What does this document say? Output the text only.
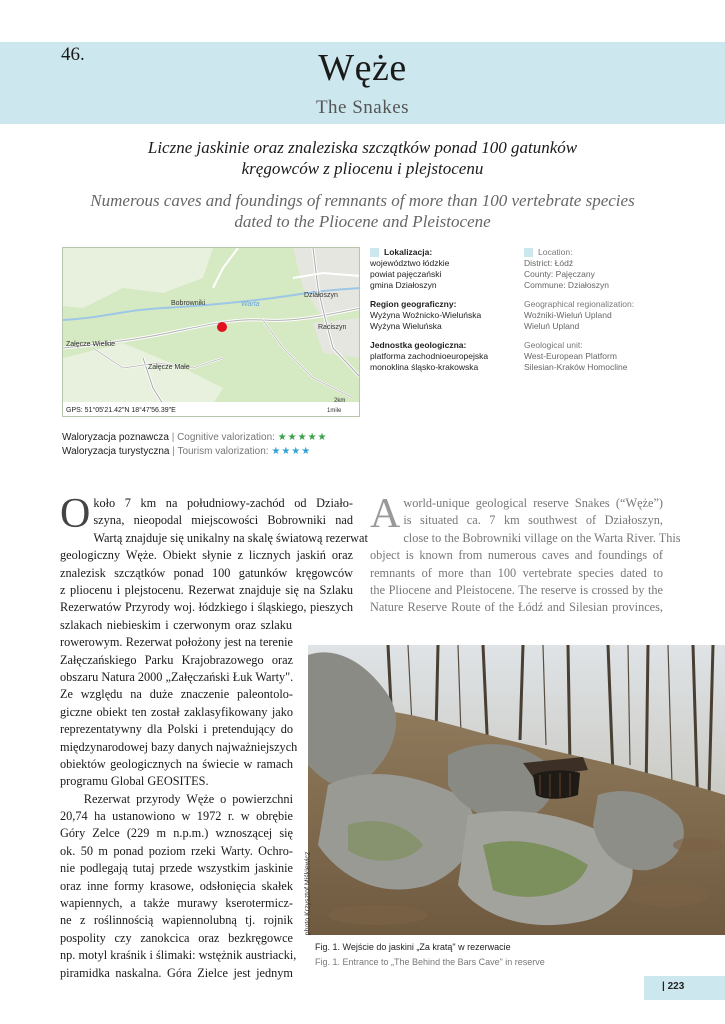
46.	Węże
The Snakes
Liczne jaskinie oraz znaleziska szczątków ponad 100 gatunków
kręgowców z pliocenu i plejstocenu
Numerous caves and foundings of remnants of more than 100 vertebrate species
dated to the Pliocene and Pleistocene
Bobrowniki	Warta
Działoszyn
Raciszyn
Załęcze Wielkie
Załęcze Małe
GPS: 51°05'21.42"N 18°47'56.39"E
2km
1mile
Lokalizacja:
województwo łódzkie
powiat pajęczański
gmina Działoszyn
Region geograficzny:
Wyżyna Woźnicko-Wieluńska
Wyżyna Wieluńska
Jednostka geologiczna:
platforma zachodnioeuropejska
monoklina śląsko-krakowska
Location:
District: Łódź
County: Pajęczany
Commune: Działoszyn
Geographical regionalization:
Woźniki-Wieluń Upland
Wieluń Upland
Geological unit:
West-European Platform
Silesian-Kraków Homocline
Waloryzacja poznawcza | Cognitive valorization: ★★★★★
Waloryzacja turystyczna | Tourism valorization: ★★★★
O koło 7 km na południowy-zachód od Działo-
szyna, nieopodal miejscowości Bobrowniki nad
Wartą znajduje się unikalny na skalę światową rezerwat
geologiczny Węże. Obiekt słynie z licznych jaskiń oraz
znalezisk szczątków ponad 100 gatunków kręgowców
z pliocenu i plejstocenu. Rezerwat znajduje się na Szlaku
Rezerwatów Przyrody woj. łódzkiego i śląskiego, pieszych
szlakach niebieskim i czerwonym oraz szlaku
rowerowym. Rezerwat położony jest na terenie
Załęczańskiego Parku Krajobrazowego oraz
obszaru Natura 2000 „Załęczański Łuk Warty".
Ze względu na duże znaczenie paleontolo-
giczne obiekt ten został zaklasyfikowany jako
reprezentatywny dla Polski i pretendujący do
międzynarodowej bazy danych najważniejszych
obiektów geologicznych na świecie w ramach
programu Global GEOSITES.
Rezerwat przyrody Węże o powierzchni
20,74 ha ustanowiono w 1972 r. w obrębie
Góry Zelce (229 m n.p.m.) wznoszącej się
ok. 50 m ponad poziom rzeki Warty. Ochro-
nie podlegają tutaj przede wszystkim jaskinie
oraz inne formy krasowe, odsłonięcia skałek
wapiennych, a także murawy kserotermicz-
ne z roślinnością wapiennolubną tj. rojnik
pospolity czy zanokcica oraz bezkręgowce
np. motyl kraśnik i ślimaki: wstężnik austriacki,
piramidka naskalna. Góra Zielce jest jednym
A world-unique geological reserve Snakes (“Węże”)
is situated ca. 7 km southwest of Działoszyn,
close to the Bobrowniki village on the Warta River. This
object is known from numerous caves and foundings of
remnants of more than 100 vertebrate species dated to
the Pliocene and Pleistocene. The reserve is crossed by the
Nature Reserve Route of the Łódź and Silesian provinces,
photo Krzysztof Miśkiewicz
Fig. 1. Wejście do jaskini „Za kratą" w rezerwacie
Fig. 1. Entrance to „The Behind the Bars Cave" in reserve
| 223
